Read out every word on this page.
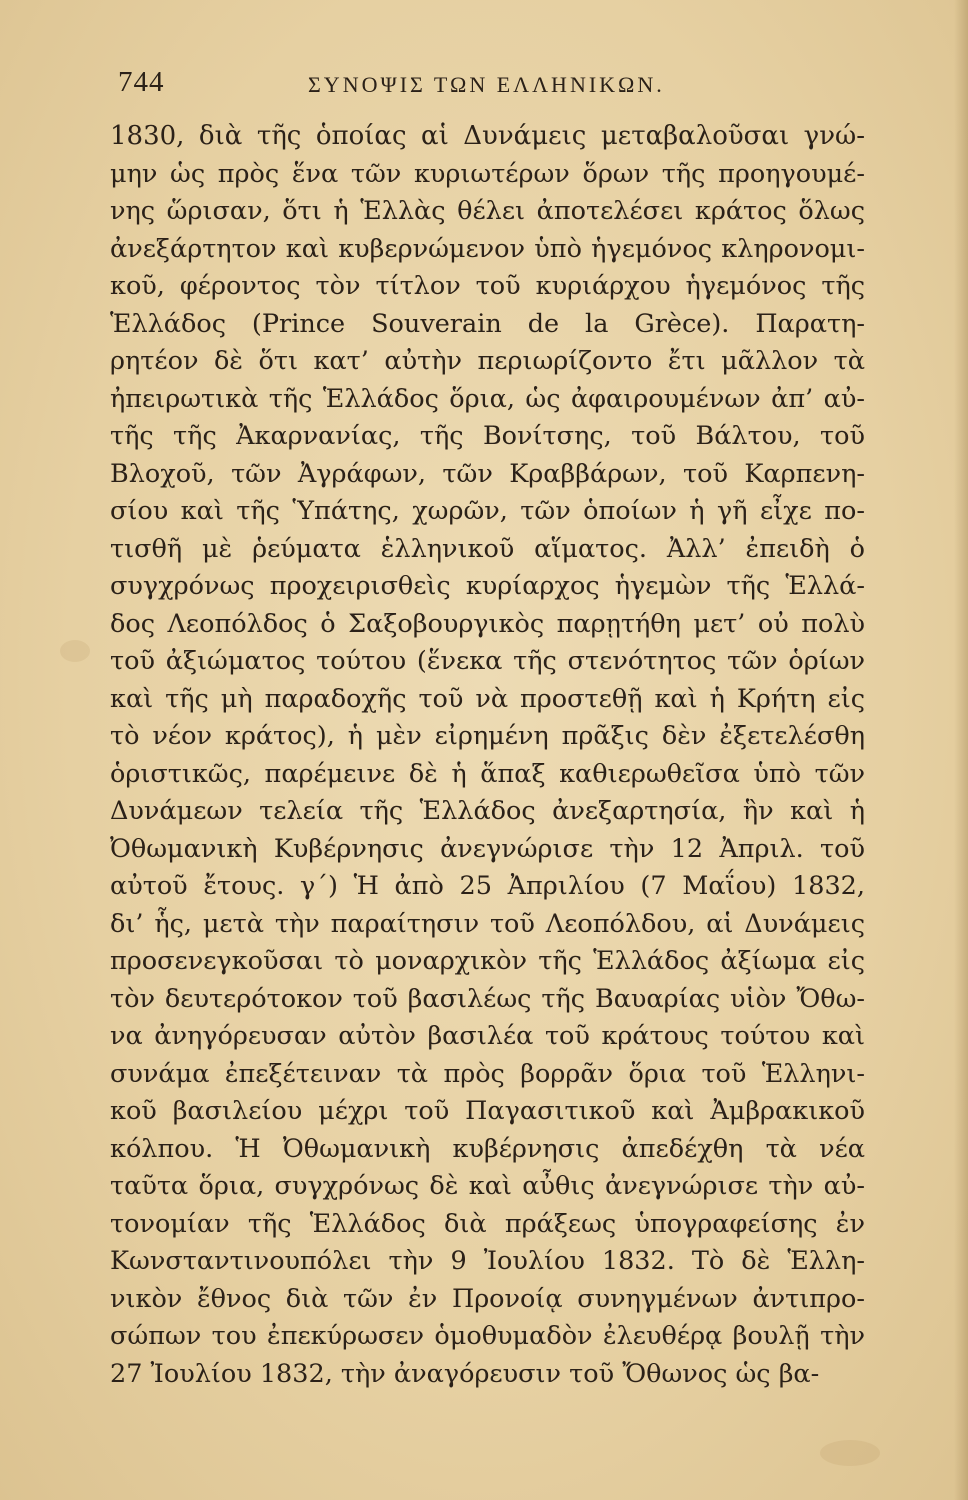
744	ΣΥΝΟΨΙΣ ΤΩΝ ΕΛΛΗΝΙΚΩΝ.
1830, διὰ τῆς ὁποίας αἱ Δυνάμεις μεταβαλοῦσαι γνώ-
μην ὡς πρὸς ἕνα τῶν κυριωτέρων ὅρων τῆς προηγουμέ-
νης ὥρισαν, ὅτι ἡ Ἑλλὰς θέλει ἀποτελέσει κράτος ὅλως
ἀνεξάρτητον καὶ κυβερνώμενον ὑπὸ ἡγεμόνος κληρονομι-
κοῦ, φέροντος τὸν τίτλον τοῦ κυριάρχου ἡγεμόνος τῆς
Ἑλλάδος (Prince Souverain de la Grèce). Παρατη-
ρητέον δὲ ὅτι κατ’ αὐτὴν περιωρίζοντο ἔτι μᾶλλον τὰ
ἠπειρωτικὰ τῆς Ἑλλάδος ὅρια, ὡς ἀφαιρουμένων ἀπ’ αὐ-
τῆς τῆς Ἀκαρνανίας, τῆς Βονίτσης, τοῦ Βάλτου, τοῦ
Βλοχοῦ, τῶν Ἀγράφων, τῶν Κραββάρων, τοῦ Καρπενη-
σίου καὶ τῆς Ὑπάτης, χωρῶν, τῶν ὁποίων ἡ γῆ εἶχε πο-
τισθῆ μὲ ῥεύματα ἑλληνικοῦ αἵματος. Ἀλλ’ ἐπειδὴ ὁ
συγχρόνως προχειρισθεὶς κυρίαρχος ἡγεμὼν τῆς Ἑλλά-
δος Λεοπόλδος ὁ Σαξοβουργικὸς παρῃτήθη μετ’ οὐ πολὺ
τοῦ ἀξιώματος τούτου (ἕνεκα τῆς στενότητος τῶν ὁρίων
καὶ τῆς μὴ παραδοχῆς τοῦ νὰ προστεθῇ καὶ ἡ Κρήτη εἰς
τὸ νέον κράτος), ἡ μὲν εἰρημένη πρᾶξις δὲν ἐξετελέσθη
ὁριστικῶς, παρέμεινε δὲ ἡ ἅπαξ καθιερωθεῖσα ὑπὸ τῶν
Δυνάμεων τελεία τῆς Ἑλλάδος ἀνεξαρτησία, ἣν καὶ ἡ
Ὀθωμανικὴ Κυβέρνησις ἀνεγνώρισε τὴν 12 Ἀπριλ. τοῦ
αὐτοῦ ἔτους. γ΄) Ἡ ἀπὸ 25 Ἀπριλίου (7 Μαΐου) 1832,
δι’ ἧς, μετὰ τὴν παραίτησιν τοῦ Λεοπόλδου, αἱ Δυνάμεις
προσενεγκοῦσαι τὸ μοναρχικὸν τῆς Ἑλλάδος ἀξίωμα εἰς
τὸν δευτερότοκον τοῦ βασιλέως τῆς Βαυαρίας υἱὸν Ὄθω-
να ἀνηγόρευσαν αὐτὸν βασιλέα τοῦ κράτους τούτου καὶ
συνάμα ἐπεξέτειναν τὰ πρὸς βορρᾶν ὅρια τοῦ Ἑλληνι-
κοῦ βασιλείου μέχρι τοῦ Παγασιτικοῦ καὶ Ἀμβρακικοῦ
κόλπου. Ἡ Ὀθωμανικὴ κυβέρνησις ἀπεδέχθη τὰ νέα
ταῦτα ὅρια, συγχρόνως δὲ καὶ αὖθις ἀνεγνώρισε τὴν αὐ-
τονομίαν τῆς Ἑλλάδος διὰ πράξεως ὑπογραφείσης ἐν
Κωνσταντινουπόλει τὴν 9 Ἰουλίου 1832. Τὸ δὲ Ἑλλη-
νικὸν ἔθνος διὰ τῶν ἐν Προνοίᾳ συνηγμένων ἀντιπρο-
σώπων του ἐπεκύρωσεν ὁμοθυμαδὸν ἐλευθέρᾳ βουλῇ τὴν
27 Ἰουλίου 1832, τὴν ἀναγόρευσιν τοῦ Ὄθωνος ὡς βα-
